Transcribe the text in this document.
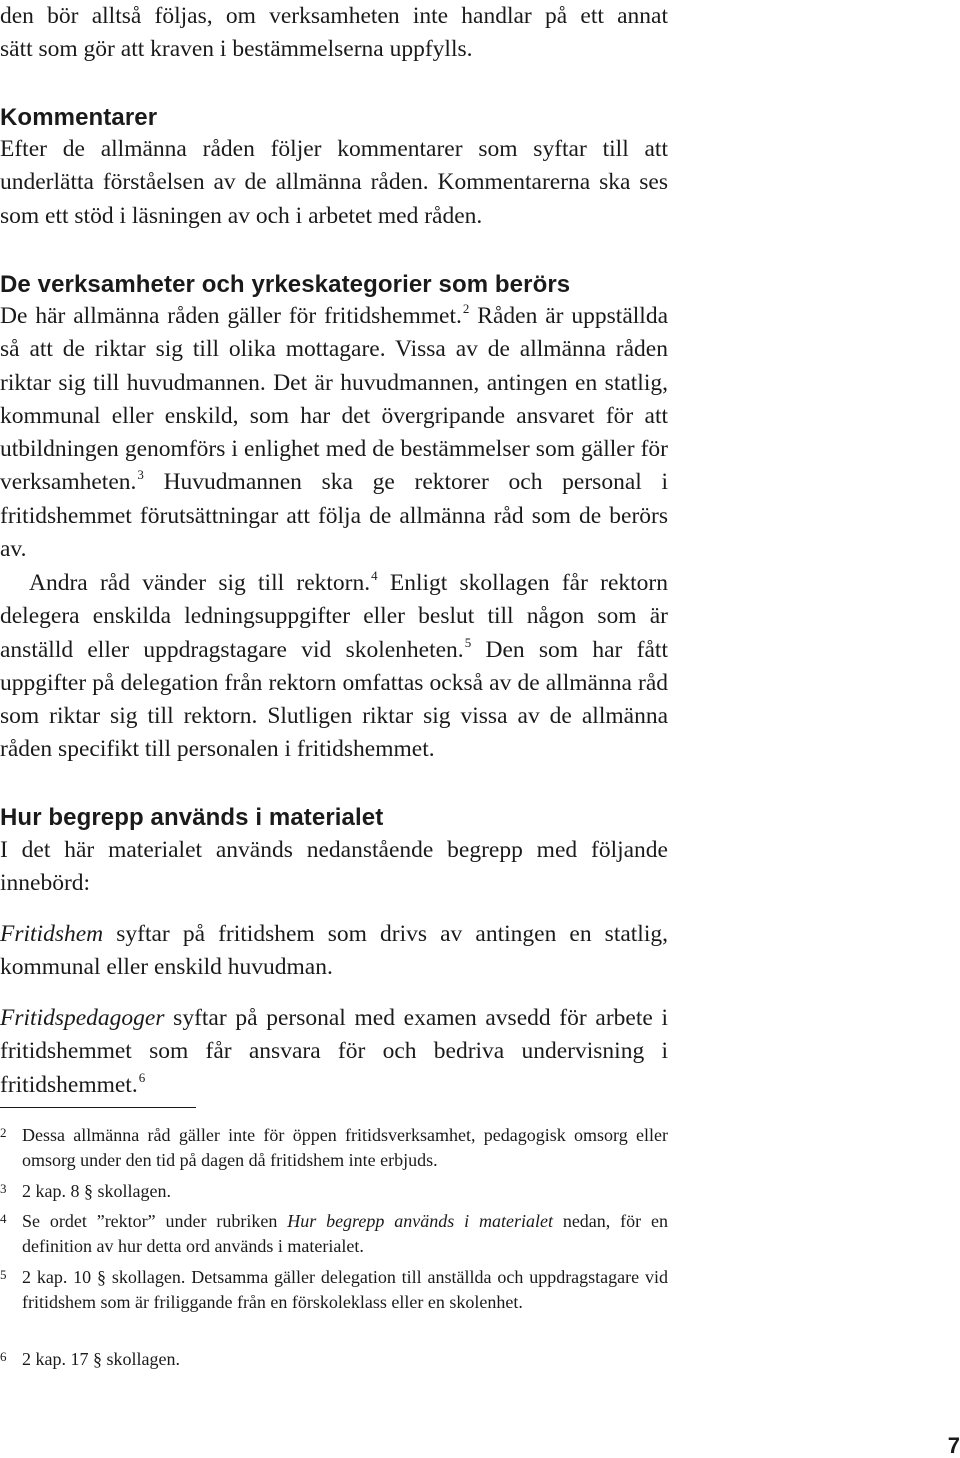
den bör alltså följas, om verksamheten inte handlar på ett annat

sätt som gör att kraven i bestämmelserna uppfylls.

Kommentarer

Efter de allmänna råden följer kommentarer som syftar till att underlätta förståelsen av de allmänna råden. Kommentarerna ska ses som ett stöd i läsningen av och i arbetet med råden.

De verksamheter och yrkeskategorier som berörs

De här allmänna råden gäller för fritidshemmet.$^2$ Råden är uppställda så att de riktar sig till olika mottagare. Vissa av de allmänna råden riktar sig till huvudmannen. Det är huvudmannen, antingen en statlig, kommunal eller enskild, som har det övergripande ansvaret för att utbildningen genomförs i enlighet med de bestämmelser som gäller för verksamheten.$^3$ Huvudmannen ska ge rektorer och personal i fritidshemmet förutsättningar att följa de allmänna råd som de berörs av.

Andra råd vänder sig till rektorn.$^4$ Enligt skollagen får rektorn delegera enskilda ledningsuppgifter eller beslut till någon som är anställd eller uppdragstagare vid skolenheten.$^5$ Den som har fått uppgifter på delegation från rektorn omfattas också av de allmänna råd som riktar sig till rektorn. Slutligen riktar sig vissa av de allmänna råden specifikt till personalen i fritidshemmet.

Hur begrepp används i materialet

I det här materialet används nedanstående begrepp med följande innebörd:

Fritidshem syftar på fritidshem som drivs av antingen en statlig, kommunal eller enskild huvudman.

Fritidspedagoger syftar på personal med examen avsedd för arbete i fritidshemmet som får ansvara för och bedriva undervisning i fritidshemmet.$^6$

2 Dessa allmänna råd gäller inte för öppen fritidsverksamhet, pedagogisk omsorg eller omsorg under den tid på dagen då fritidshem inte erbjuds.
3 2 kap. 8 § skollagen.
4 Se ordet ”rektor” under rubriken Hur begrepp används i materialet nedan, för en definition av hur detta ord används i materialet.
5 2 kap. 10 § skollagen. Detsamma gäller delegation till anställda och uppdragstagare vid fritidshem som är friliggande från en förskoleklass eller en skolenhet.
6 2 kap. 17 § skollagen.
7
